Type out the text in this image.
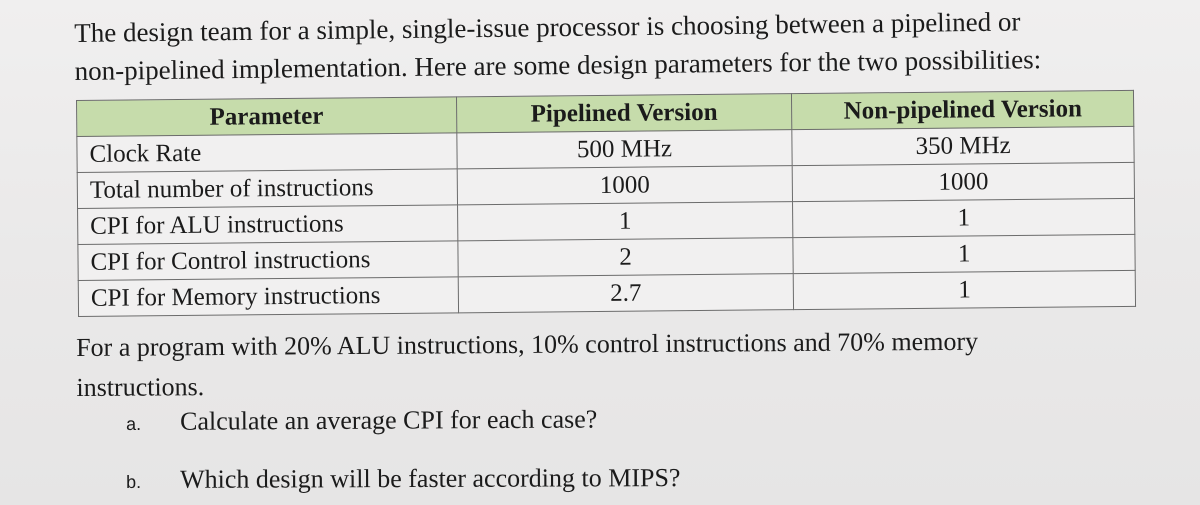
The design team for a simple, single-issue processor is choosing between a pipelined or

non-pipelined implementation. Here are some design parameters for the two possibilities:

Parameter	Pipelined Version	Non-pipelined Version
Clock Rate	500 MHz	350 MHz
Total number of instructions	1000	1000
CPI for ALU instructions	1	1
CPI for Control instructions	2	1
CPI for Memory instructions	2.7	1

For a program with 20% ALU instructions, 10% control instructions and 70% memory

instructions.

a. Calculate an average CPI for each case?
b. Which design will be faster according to MIPS?
